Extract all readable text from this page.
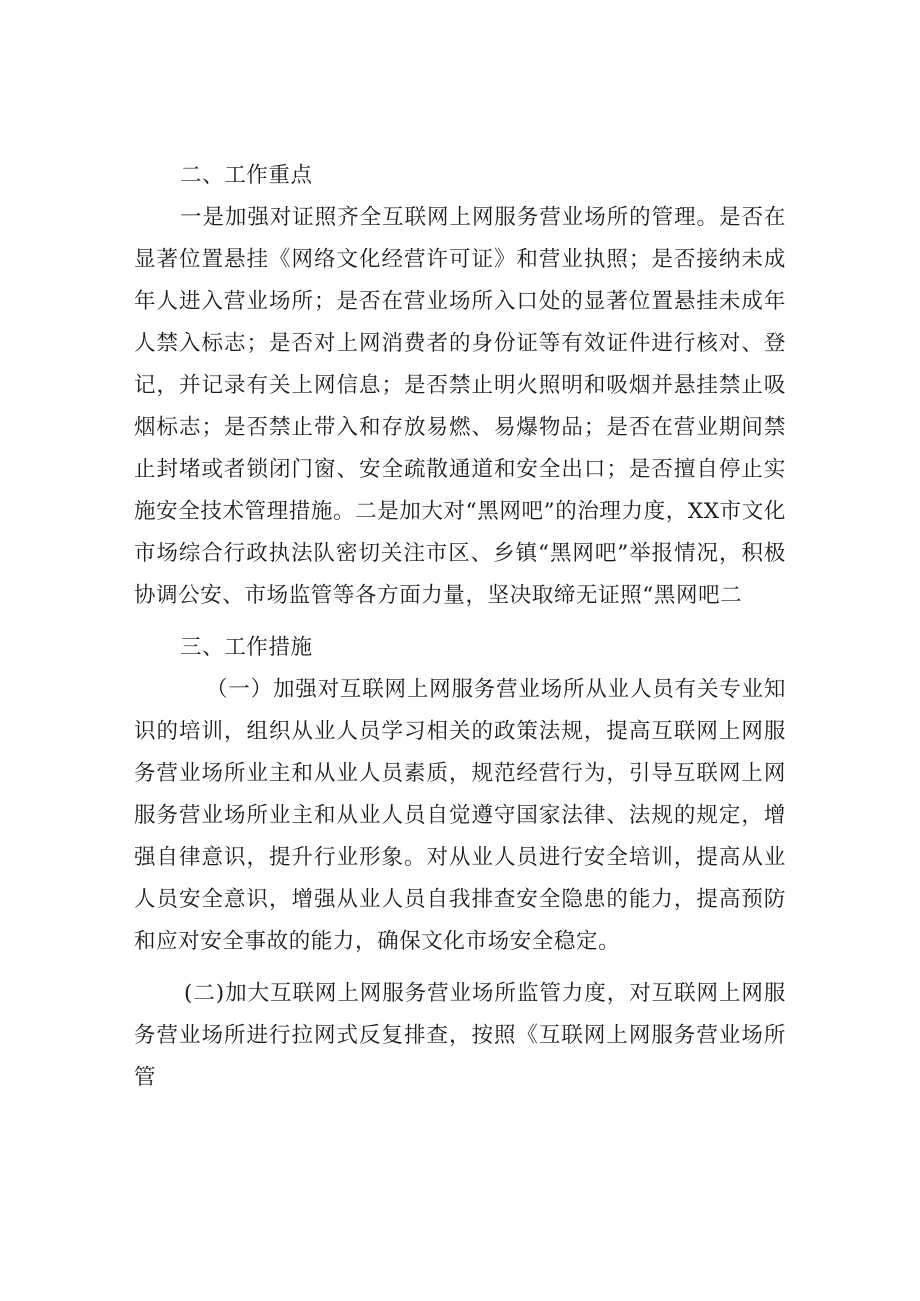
二、工作重点

一是加强对证照齐全互联网上网服务营业场所的管理。是否在显著位置悬挂《网络文化经营许可证》和营业执照；是否接纳未成年人进入营业场所；是否在营业场所入口处的显著位置悬挂未成年人禁入标志；是否对上网消费者的身份证等有效证件进行核对、登记，并记录有关上网信息；是否禁止明火照明和吸烟并悬挂禁止吸烟标志；是否禁止带入和存放易燃、易爆物品；是否在营业期间禁止封堵或者锁闭门窗、安全疏散通道和安全出口；是否擅自停止实施安全技术管理措施。二是加大对“黑网吧”的治理力度，XX市文化市场综合行政执法队密切关注市区、乡镇“黑网吧”举报情况，积极协调公安、市场监管等各方面力量，坚决取缔无证照“黑网吧二

三、工作措施

（一）加强对互联网上网服务营业场所从业人员有关专业知识的培训，组织从业人员学习相关的政策法规，提高互联网上网服务营业场所业主和从业人员素质，规范经营行为，引导互联网上网服务营业场所业主和从业人员自觉遵守国家法律、法规的规定，增强自律意识，提升行业形象。对从业人员进行安全培训，提高从业人员安全意识，增强从业人员自我排查安全隐患的能力，提高预防和应对安全事故的能力，确保文化市场安全稳定。

(二)加大互联网上网服务营业场所监管力度，对互联网上网服务营业场所进行拉网式反复排查，按照《互联网上网服务营业场所管
